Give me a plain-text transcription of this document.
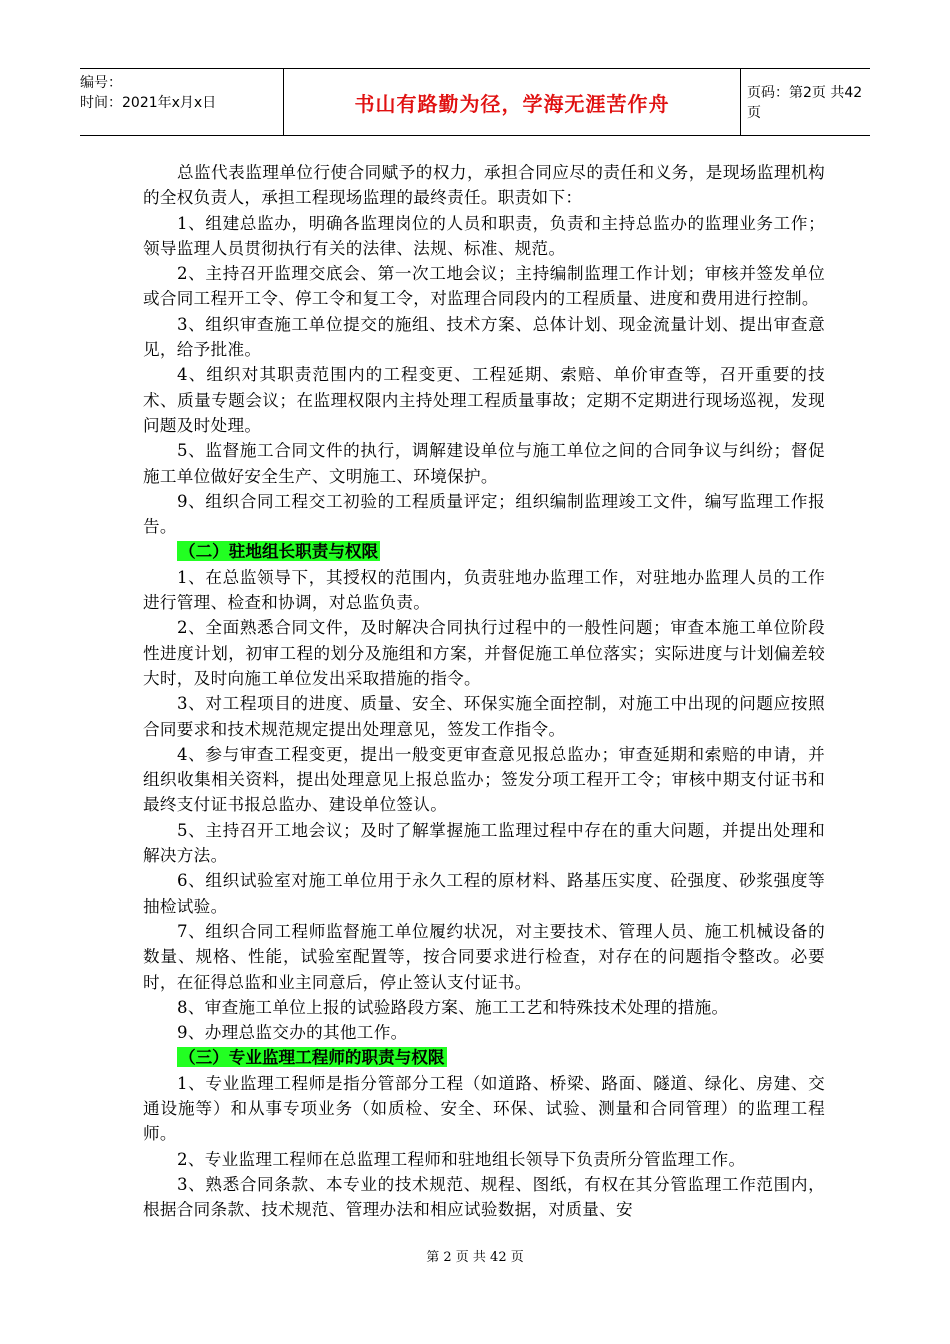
编号：
时间：2021年x月x日	书山有路勤为径，学海无涯苦作舟	页码：第2页 共42页

总监代表监理单位行使合同赋予的权力，承担合同应尽的责任和义务，是现场监理机构的全权负责人，承担工程现场监理的最终责任。职责如下：

1、组建总监办，明确各监理岗位的人员和职责，负责和主持总监办的监理业务工作；领导监理人员贯彻执行有关的法律、法规、标准、规范。

2、主持召开监理交底会、第一次工地会议；主持编制监理工作计划；审核并签发单位或合同工程开工令、停工令和复工令，对监理合同段内的工程质量、进度和费用进行控制。

3、组织审查施工单位提交的施组、技术方案、总体计划、现金流量计划、提出审查意见，给予批准。

4、组织对其职责范围内的工程变更、工程延期、索赔、单价审查等，召开重要的技术、质量专题会议；在监理权限内主持处理工程质量事故；定期不定期进行现场巡视，发现问题及时处理。

5、监督施工合同文件的执行，调解建设单位与施工单位之间的合同争议与纠纷；督促施工单位做好安全生产、文明施工、环境保护。

9、组织合同工程交工初验的工程质量评定；组织编制监理竣工文件，编写监理工作报告。

（二）驻地组长职责与权限

1、在总监领导下，其授权的范围内，负责驻地办监理工作，对驻地办监理人员的工作进行管理、检查和协调，对总监负责。

2、全面熟悉合同文件，及时解决合同执行过程中的一般性问题；审查本施工单位阶段性进度计划，初审工程的划分及施组和方案，并督促施工单位落实；实际进度与计划偏差较大时，及时向施工单位发出采取措施的指令。

3、对工程项目的进度、质量、安全、环保实施全面控制，对施工中出现的问题应按照合同要求和技术规范规定提出处理意见，签发工作指令。

4、参与审查工程变更，提出一般变更审查意见报总监办；审查延期和索赔的申请，并组织收集相关资料，提出处理意见上报总监办；签发分项工程开工令；审核中期支付证书和最终支付证书报总监办、建设单位签认。

5、主持召开工地会议；及时了解掌握施工监理过程中存在的重大问题，并提出处理和解决方法。

6、组织试验室对施工单位用于永久工程的原材料、路基压实度、砼强度、砂浆强度等抽检试验。

7、组织合同工程师监督施工单位履约状况，对主要技术、管理人员、施工机械设备的数量、规格、性能，试验室配置等，按合同要求进行检查，对存在的问题指令整改。必要时，在征得总监和业主同意后，停止签认支付证书。

8、审查施工单位上报的试验路段方案、施工工艺和特殊技术处理的措施。

9、办理总监交办的其他工作。

（三）专业监理工程师的职责与权限

1、专业监理工程师是指分管部分工程（如道路、桥梁、路面、隧道、绿化、房建、交通设施等）和从事专项业务（如质检、安全、环保、试验、测量和合同管理）的监理工程师。

2、专业监理工程师在总监理工程师和驻地组长领导下负责所分管监理工作。

3、熟悉合同条款、本专业的技术规范、规程、图纸，有权在其分管监理工作范围内，根据合同条款、技术规范、管理办法和相应试验数据，对质量、安

第 2 页 共 42 页
